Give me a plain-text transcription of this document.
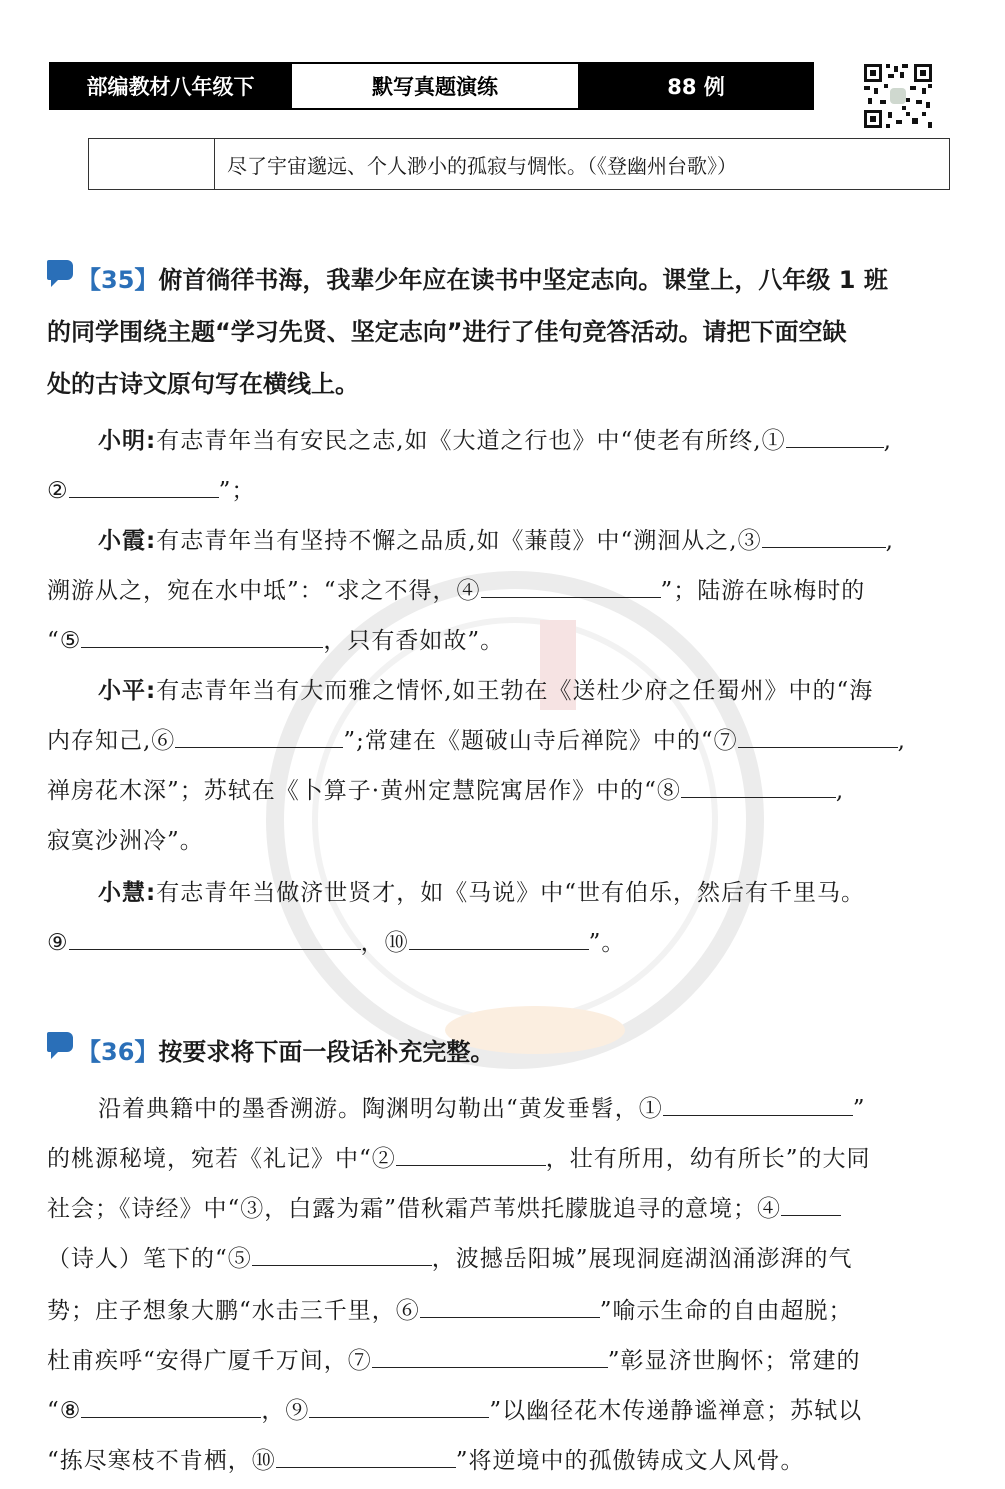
部编教材八年级下	默写真题演练	88 例
尽了宇宙邈远、个人渺小的孤寂与惆怅。（《登幽州台歌》）
【35】俯首徜徉书海，我辈少年应在读书中坚定志向。课堂上，八年级 1 班
的同学围绕主题“学习先贤、坚定志向”进行了佳句竞答活动。请把下面空缺
处的古诗文原句写在横线上。
小明:有志青年当有安民之志,如《大道之行也》中“使老有所终,①	,
②	”；
小霞:有志青年当有坚持不懈之品质,如《蒹葭》中“溯洄从之,③	,
溯游从之，宛在水中坻”：“求之不得，④	”；陆游在咏梅时的
“⑤	，只有香如故”。
小平:有志青年当有大而雅之情怀,如王勃在《送杜少府之任蜀州》中的“海
内存知己,⑥	”;常建在《题破山寺后禅院》中的“⑦	,
禅房花木深”；苏轼在《卜算子·黄州定慧院寓居作》中的“⑧	,
寂寞沙洲冷”。
小慧:有志青年当做济世贤才，如《马说》中“世有伯乐，然后有千里马。
⑨	，⑩	”。
【36】按要求将下面一段话补充完整。
沿着典籍中的墨香溯游。陶渊明勾勒出“黄发垂髫，①	”
的桃源秘境，宛若《礼记》中“②	，壮有所用，幼有所长”的大同
社会；《诗经》中“③，白露为霜”借秋霜芦苇烘托朦胧追寻的意境；④
（诗人）笔下的“⑤	，波撼岳阳城”展现洞庭湖汹涌澎湃的气
势；庄子想象大鹏“水击三千里，⑥	”喻示生命的自由超脱；
杜甫疾呼“安得广厦千万间，⑦	”彰显济世胸怀；常建的
“⑧	，⑨	”以幽径花木传递静谧禅意；苏轼以
“拣尽寒枝不肯栖，⑩	”将逆境中的孤傲铸成文人风骨。
